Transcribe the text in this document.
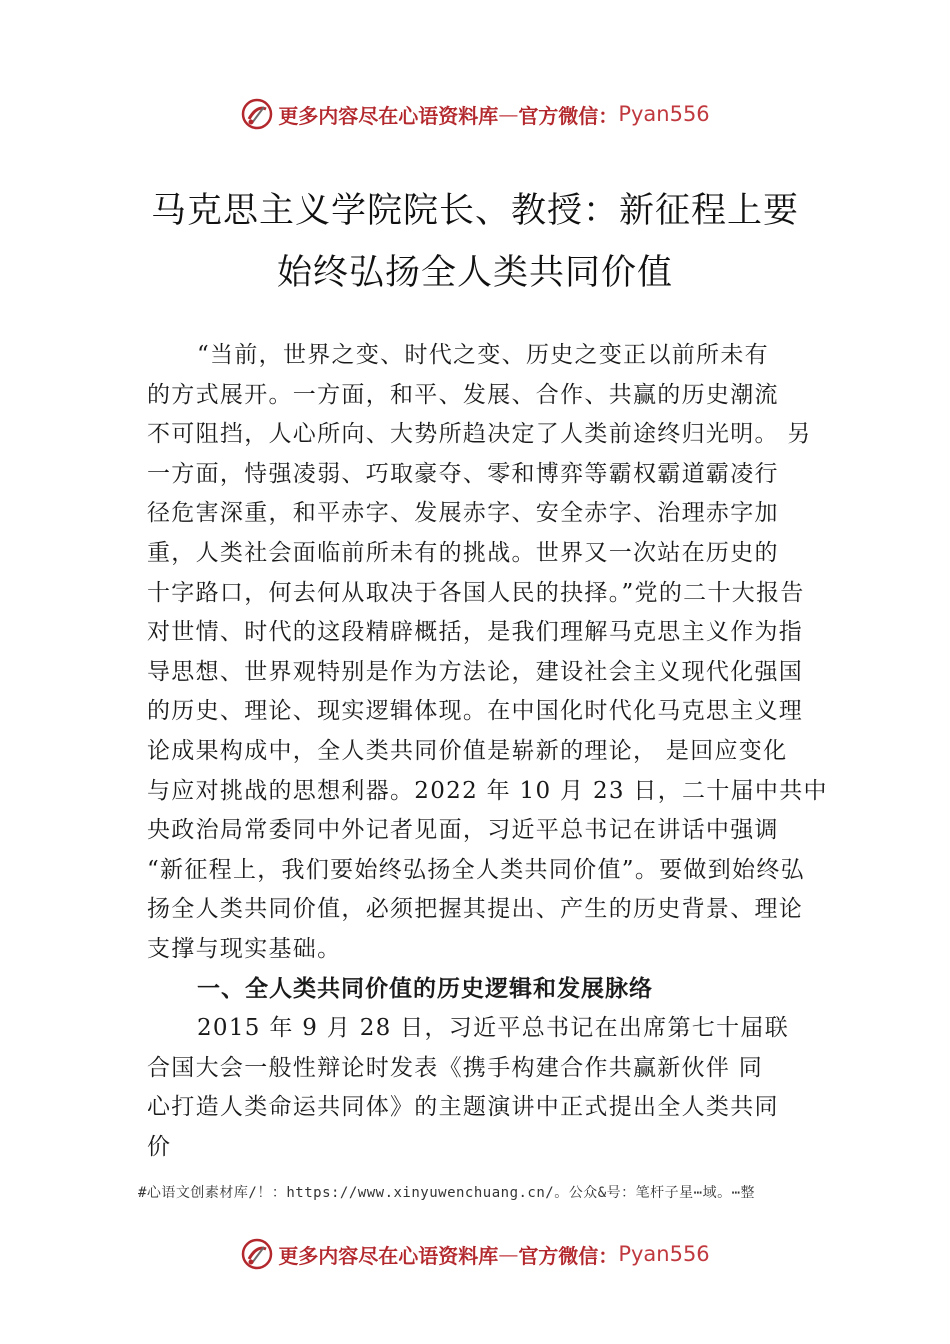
更多内容尽在心语资料库 — 官方微信： Pyan556
马克思主义学院院长、教授：新征程上要
始终弘扬全人类共同价值
“当前，世界之变、时代之变、历史之变正以前所未有
的方式展开。一方面，和平、发展、合作、共赢的历史潮流
不可阻挡，人心所向、大势所趋决定了人类前途终归光明。 另
一方面，恃强凌弱、巧取豪夺、零和博弈等霸权霸道霸凌行
径危害深重，和平赤字、发展赤字、安全赤字、治理赤字加
重，人类社会面临前所未有的挑战。世界又一次站在历史的
十字路口，何去何从取决于各国人民的抉择。”党的二十大报告
对世情、时代的这段精辟概括，是我们理解马克思主义作为指
导思想、世界观特别是作为方法论，建设社会主义现代化强国
的历史、理论、现实逻辑体现。在中国化时代化马克思主义理
论成果构成中，全人类共同价值是崭新的理论， 是回应变化
与应对挑战的思想利器。2022 年 10 月 23 日，二十届中共中
央政治局常委同中外记者见面，习近平总书记在讲话中强调
“新征程上，我们要始终弘扬全人类共同价值”。要做到始终弘
扬全人类共同价值，必须把握其提出、产生的历史背景、理论
支撑与现实基础。
一、全人类共同价值的历史逻辑和发展脉络
2015 年 9 月 28 日，习近平总书记在出席第七十届联
合国大会一般性辩论时发表《携手构建合作共赢新伙伴 同
心打造人类命运共同体》的主题演讲中正式提出全人类共同
价
#心语文创素材库/！：https://www.xinyuwenchuang.cn/。公众&号：笔杆子星⋯域。⋯整
更多内容尽在心语资料库 — 官方微信： Pyan556
